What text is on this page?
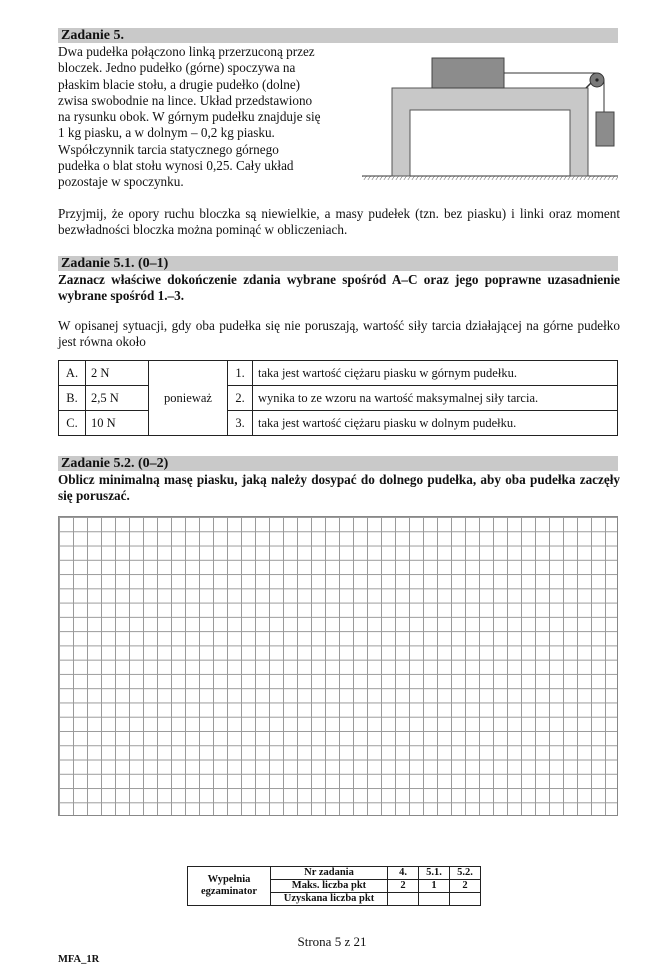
Zadanie 5.

Dwa pudełka połączono linką przerzuconą przez

bloczek. Jedno pudełko (górne) spoczywa na

płaskim blacie stołu, a drugie pudełko (dolne)

zwisa swobodnie na lince. Układ przedstawiono

na rysunku obok. W górnym pudełku znajduje się

1 kg piasku, a w dolnym – 0,2 kg piasku.

Współczynnik tarcia statycznego górnego

pudełka o blat stołu wynosi 0,25. Cały układ

pozostaje w spoczynku.

Przyjmij, że opory ruchu bloczka są niewielkie, a masy pudełek (tzn. bez piasku) i linki oraz moment bezwładności bloczka można pominąć w obliczeniach.
Zadanie 5.1. (0–1)
Zaznacz właściwe dokończenie zdania wybrane spośród A–C oraz jego poprawne uzasadnienie wybrane spośród 1.–3.
W opisanej sytuacji, gdy oba pudełka się nie poruszają, wartość siły tarcia działającej na górne pudełko jest równa około
A.	2 N	ponieważ	1.	taka jest wartość ciężaru piasku w górnym pudełku.
B.	2,5 N		2.	wynika to ze wzoru na wartość maksymalnej siły tarcia.
C.	10 N		3.	taka jest wartość ciężaru piasku w dolnym pudełku.
Zadanie 5.2. (0–2)
Oblicz minimalną masę piasku, jaką należy dosypać do dolnego pudełka, aby oba pudełka zaczęły się poruszać.
Wypełnia egzaminator	Nr zadania	4.	5.1.	5.2.
	Maks. liczba pkt	2	1	2
	Uzyskana liczba pkt			
Strona 5 z 21
MFA_1R
